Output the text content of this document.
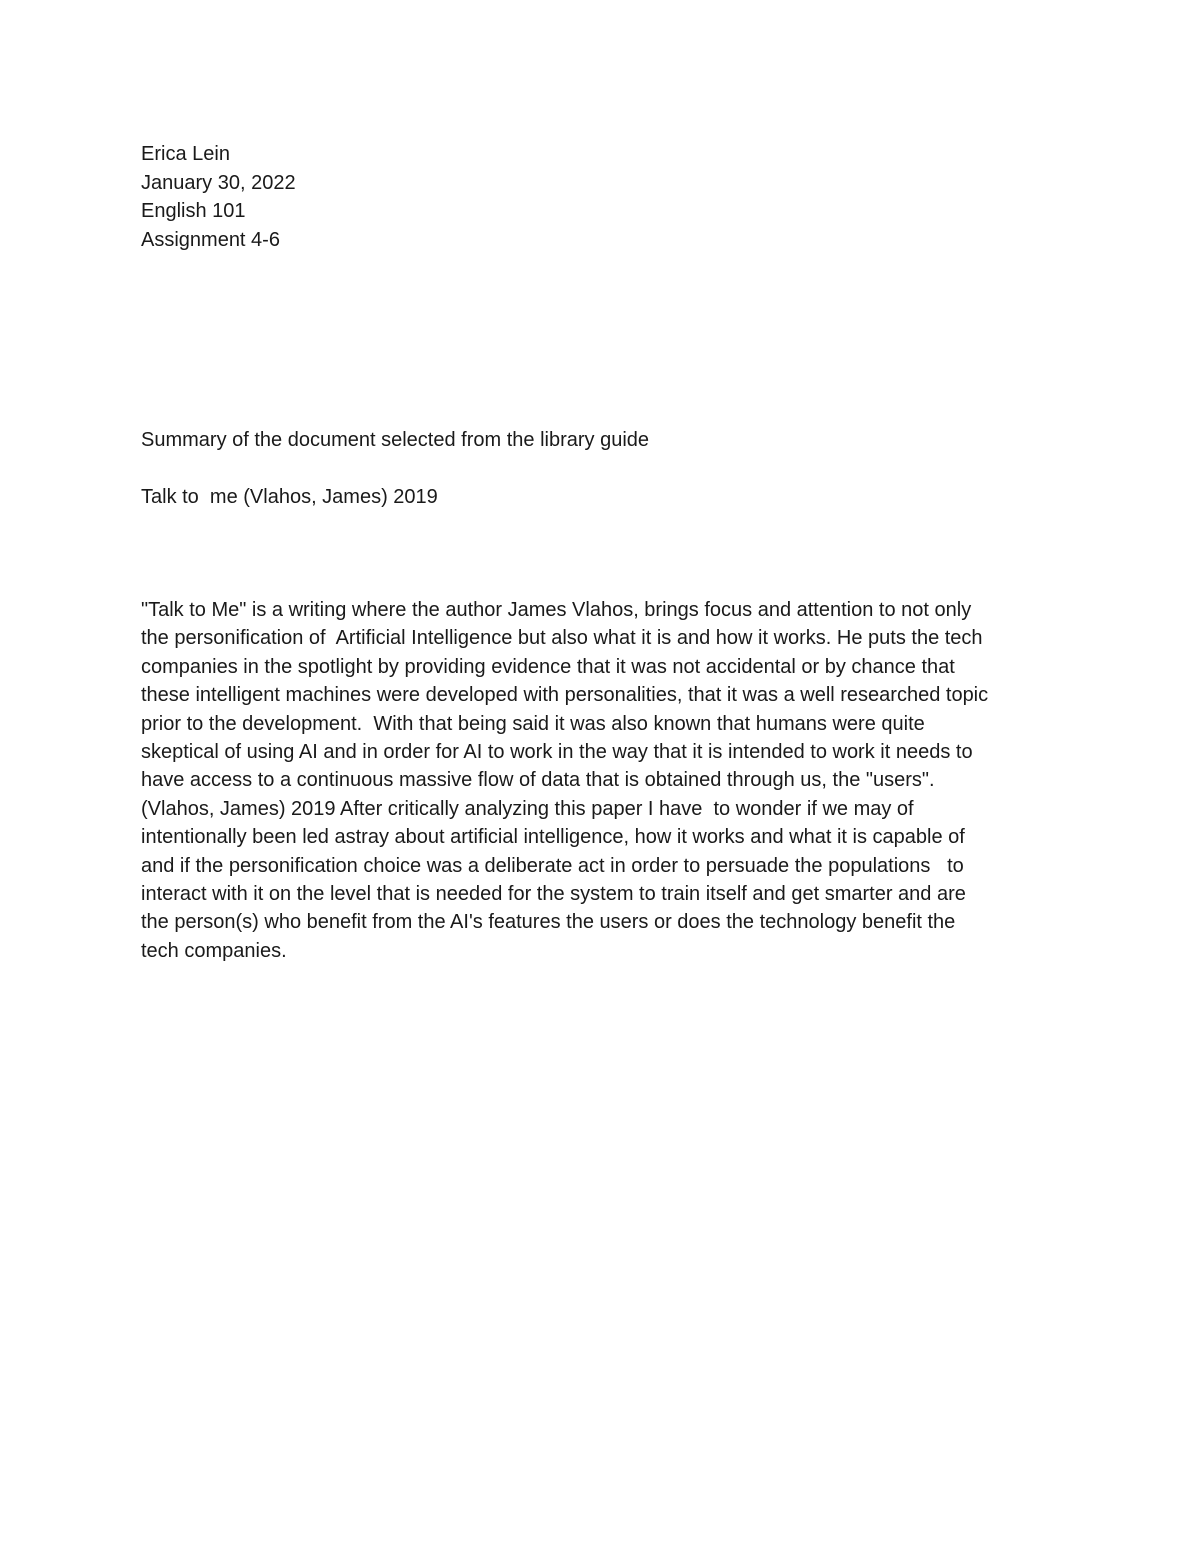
Erica Lein
January 30, 2022
English 101
Assignment 4-6
Summary of the document selected from the library guide
Talk to  me (Vlahos, James) 2019
"Talk to Me" is a writing where the author James Vlahos, brings focus and attention to not only
the personification of  Artificial Intelligence but also what it is and how it works. He puts the tech
companies in the spotlight by providing evidence that it was not accidental or by chance that
these intelligent machines were developed with personalities, that it was a well researched topic
prior to the development.  With that being said it was also known that humans were quite
skeptical of using AI and in order for AI to work in the way that it is intended to work it needs to
have access to a continuous massive flow of data that is obtained through us, the "users".
(Vlahos, James) 2019 After critically analyzing this paper I have  to wonder if we may of
intentionally been led astray about artificial intelligence, how it works and what it is capable of
and if the personification choice was a deliberate act in order to persuade the populations   to
interact with it on the level that is needed for the system to train itself and get smarter and are
the person(s) who benefit from the AI's features the users or does the technology benefit the
tech companies.
